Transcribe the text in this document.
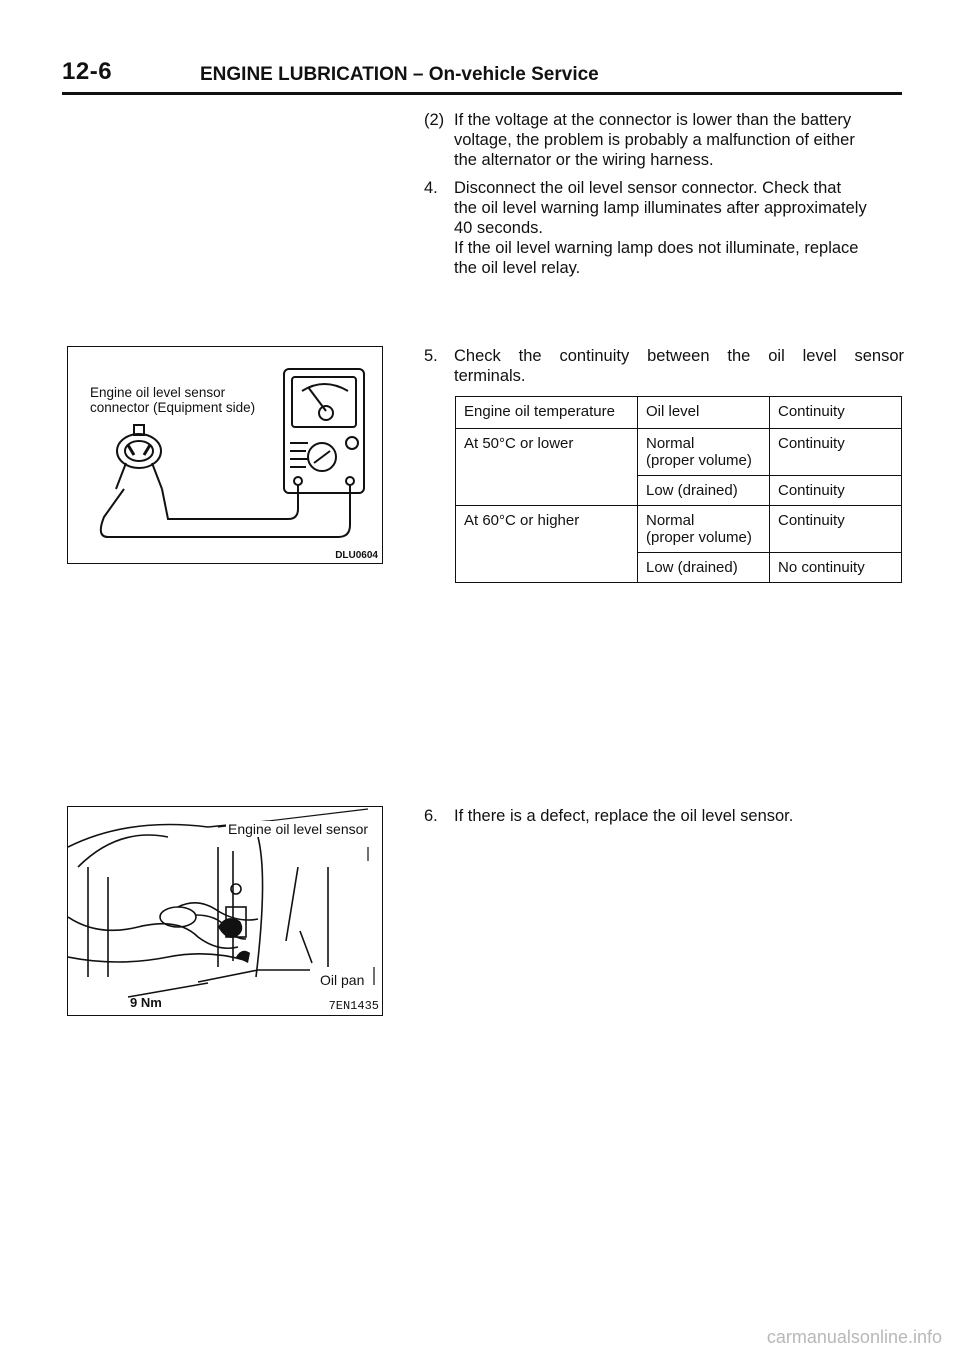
12-6	ENGINE LUBRICATION – On-vehicle Service
(2) If the voltage at the connector is lower than the battery

voltage, the problem is probably a malfunction of either

the alternator or the wiring harness.

4. Disconnect the oil level sensor connector. Check that

the oil level warning lamp illuminates after approximately

40 seconds.

If the oil level warning lamp does not illuminate, replace

the oil level relay.

5. Check the continuity between the oil level sensor

terminals.

Engine oil temperature	Oil level	Continuity
At 50°C or lower	Normal
(proper volume)	Continuity
	Low (drained)	Continuity
At 60°C or higher	Normal
(proper volume)	Continuity
	Low (drained)	No continuity
6. If there is a defect, replace the oil level sensor.

Engine oil level sensor
connector (Equipment side)
DLU0604
Engine oil level sensor
Oil pan
9 Nm	7EN1435
carmanualsonline.info
